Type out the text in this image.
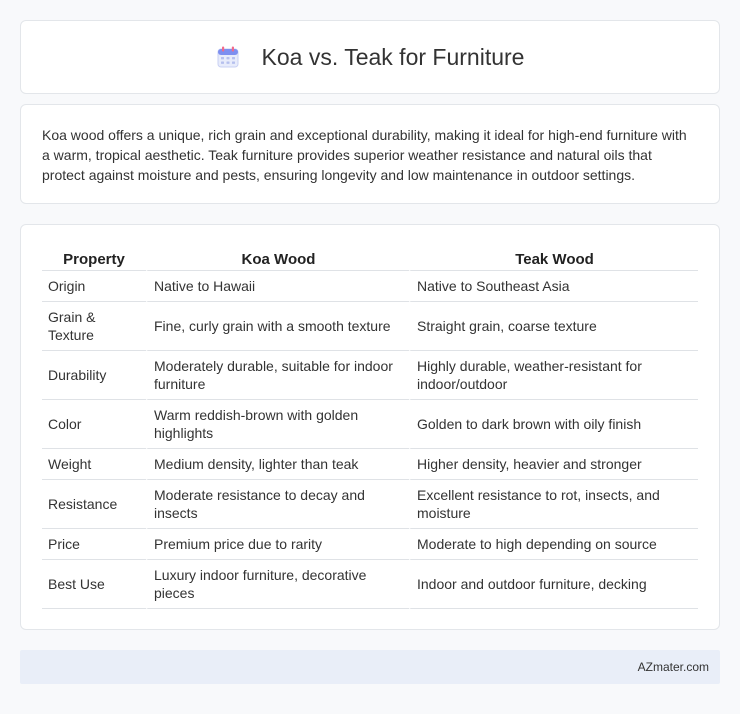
Koa vs. Teak for Furniture

Koa wood offers a unique, rich grain and exceptional durability, making it ideal for high-end furniture with a warm, tropical aesthetic. Teak furniture provides superior weather resistance and natural oils that protect against moisture and pests, ensuring longevity and low maintenance in outdoor settings.

Property	Koa Wood	Teak Wood
Origin	Native to Hawaii	Native to Southeast Asia
Grain & Texture	Fine, curly grain with a smooth texture	Straight grain, coarse texture
Durability	Moderately durable, suitable for indoor furniture	Highly durable, weather-resistant for indoor/outdoor
Color	Warm reddish-brown with golden highlights	Golden to dark brown with oily finish
Weight	Medium density, lighter than teak	Higher density, heavier and stronger
Resistance	Moderate resistance to decay and insects	Excellent resistance to rot, insects, and moisture
Price	Premium price due to rarity	Moderate to high depending on source
Best Use	Luxury indoor furniture, decorative pieces	Indoor and outdoor furniture, decking
AZmater.com
